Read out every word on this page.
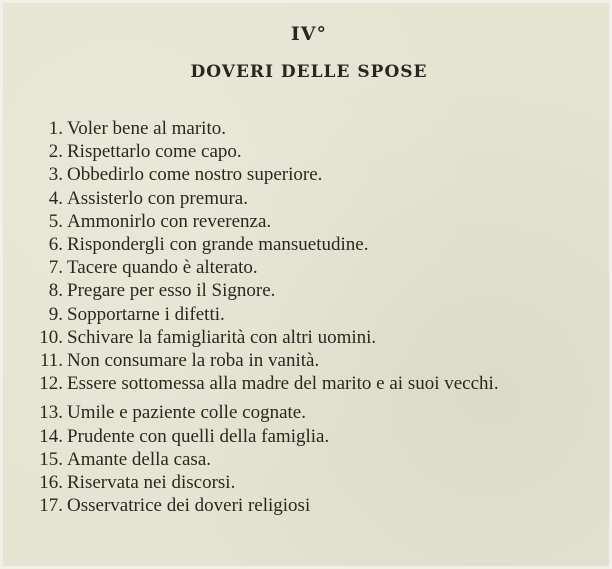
IV°
DOVERI DELLE SPOSE
1. Voler bene al marito.
2. Rispettarlo come capo.
3. Obbedirlo come nostro superiore.
4. Assisterlo con premura.
5. Ammonirlo con reverenza.
6. Rispondergli con grande mansuetudine.
7. Tacere quando è alterato.
8. Pregare per esso il Signore.
9. Sopportarne i difetti.
10. Schivare la famigliarità con altri uomini.
11. Non consumare la roba in vanità.
12. Essere sottomessa alla madre del marito e ai suoi vecchi.
13. Umile e paziente colle cognate.
14. Prudente con quelli della famiglia.
15. Amante della casa.
16. Riservata nei discorsi.
17. Osservatrice dei doveri religiosi
